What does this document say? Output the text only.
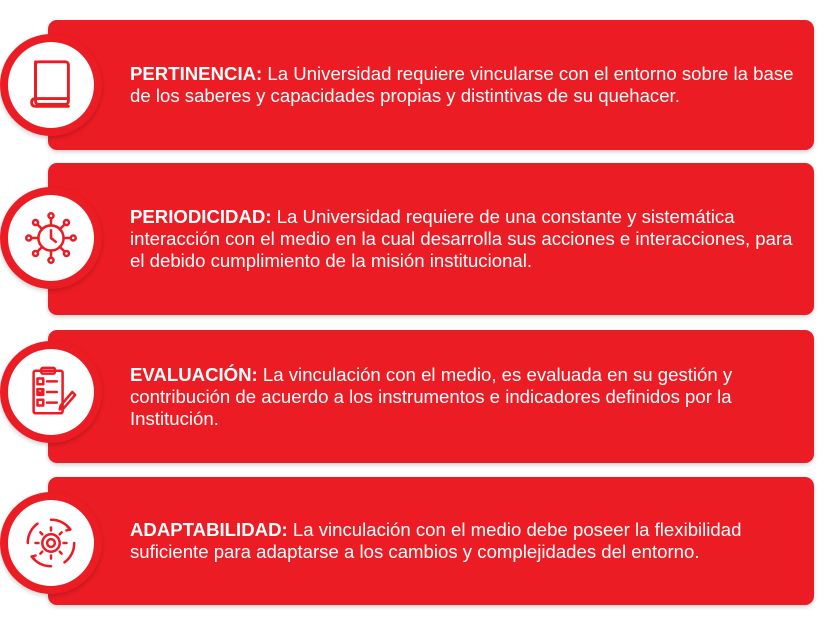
PERTINENCIA: La Universidad requiere vincularse con el entorno sobre la base de los saberes y capacidades propias y distintivas de su quehacer.

PERIODICIDAD: La Universidad requiere de una constante y sistemática interacción con el medio en la cual desarrolla sus acciones e interacciones, para el debido cumplimiento de la misión institucional.

EVALUACIÓN: La vinculación con el medio, es evaluada en su gestión y contribución de acuerdo a los instrumentos e indicadores definidos por la Institución.

ADAPTABILIDAD: La vinculación con el medio debe poseer la flexibilidad suficiente para adaptarse a los cambios y complejidades del entorno.
